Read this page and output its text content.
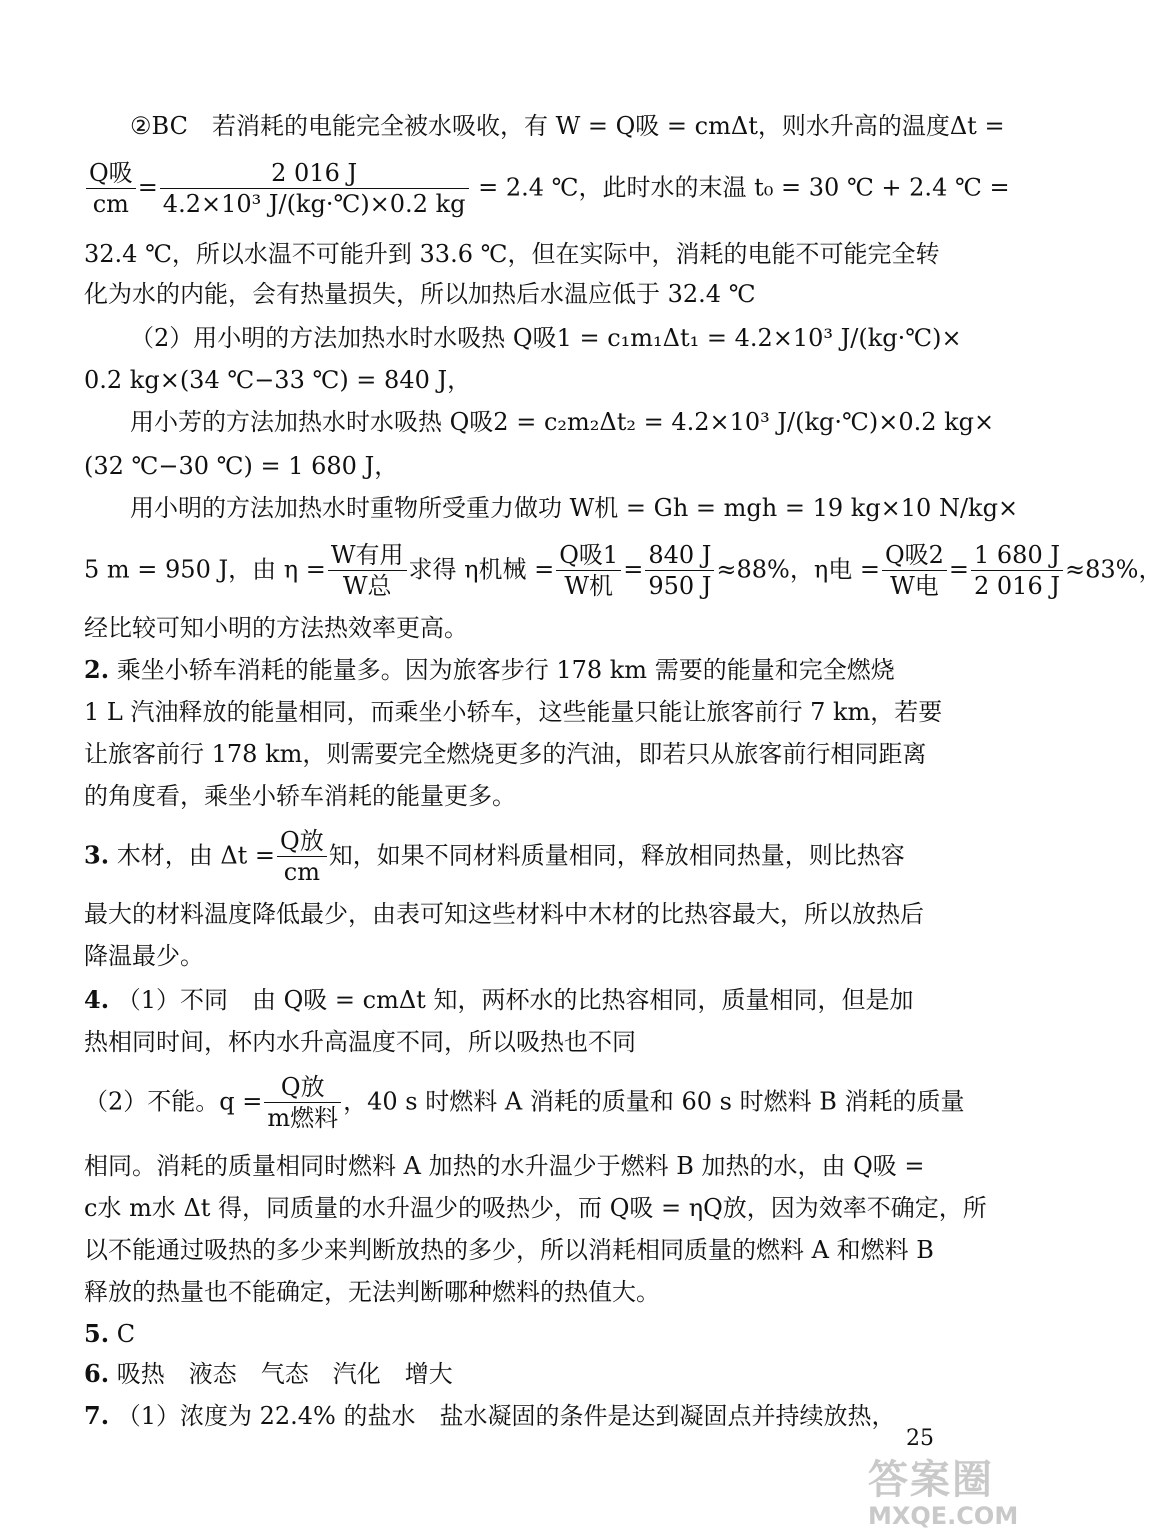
②BC　若消耗的电能完全被水吸收，有 W = Q吸 = cmΔt，则水升高的温度Δt =
$\frac{\text{Q吸}}{cm} = \frac{2 016 J}{\text{4.2×10³ J/(kg·℃)×0.2 kg}} = 2.4$ ℃，此时水的末温 t₀ = 30 ℃ + 2.4 ℃ =
32.4 ℃，所以水温不可能升到 33.6 ℃，但在实际中，消耗的电能不可能完全转
化为水的内能，会有热量损失，所以加热后水温应低于 32.4 ℃
（2）用小明的方法加热水时水吸热 Q吸1 = c₁m₁Δt₁ = 4.2×10³ J/(kg·℃)×
0.2 kg×(34 ℃−33 ℃) = 840 J，
用小芳的方法加热水时水吸热 Q吸2 = c₂m₂Δt₂ = 4.2×10³ J/(kg·℃)×0.2 kg×
(32 ℃−30 ℃) = 1 680 J，
用小明的方法加热水时重物所受重力做功 W机 = Gh = mgh = 19 kg×10 N/kg×
5 m = 950 J，由 $\eta = \frac{\text{W有用}}{\text{W总}}$ 求得 η机械 = $\frac{\text{Q吸1}}{\text{W机}} = \frac{840 J}{950 J} \approx 88\%$，η电 = $\frac{\text{Q吸2}}{\text{W电}} = \frac{1 680 J}{2 016 J} \approx 83\%$，
经比较可知小明的方法热效率更高。
2. 乘坐小轿车消耗的能量多。因为旅客步行 178 km 需要的能量和完全燃烧
1 L 汽油释放的能量相同，而乘坐小轿车，这些能量只能让旅客前行 7 km，若要
让旅客前行 178 km，则需要完全燃烧更多的汽油，即若只从旅客前行相同距离
的角度看，乘坐小轿车消耗的能量更多。
3. 木材，由 $\Delta t = \frac{\text{Q放}}{cm}$ 知，如果不同材料质量相同，释放相同热量，则比热容
最大的材料温度降低最少，由表可知这些材料中木材的比热容最大，所以放热后
降温最少。
4. （1）不同　由 Q吸 = cmΔt 知，两杯水的比热容相同，质量相同，但是加
热相同时间，杯内水升高温度不同，所以吸热也不同
（2）不能。$q = \frac{\text{Q放}}{\text{m燃料}}$ ，40 s 时燃料 A 消耗的质量和 60 s 时燃料 B 消耗的质量
相同。消耗的质量相同时燃料 A 加热的水升温少于燃料 B 加热的水，由 Q吸 =
c水 m水 Δt 得，同质量的水升温少的吸热少，而 Q吸 = ηQ放，因为效率不确定，所
以不能通过吸热的多少来判断放热的多少，所以消耗相同质量的燃料 A 和燃料 B
释放的热量也不能确定，无法判断哪种燃料的热值大。
5. C
6. 吸热　液态　气态　汽化　增大
7. （1）浓度为 22.4% 的盐水　盐水凝固的条件是达到凝固点并持续放热，
25
答案圈
MXQE.COM
